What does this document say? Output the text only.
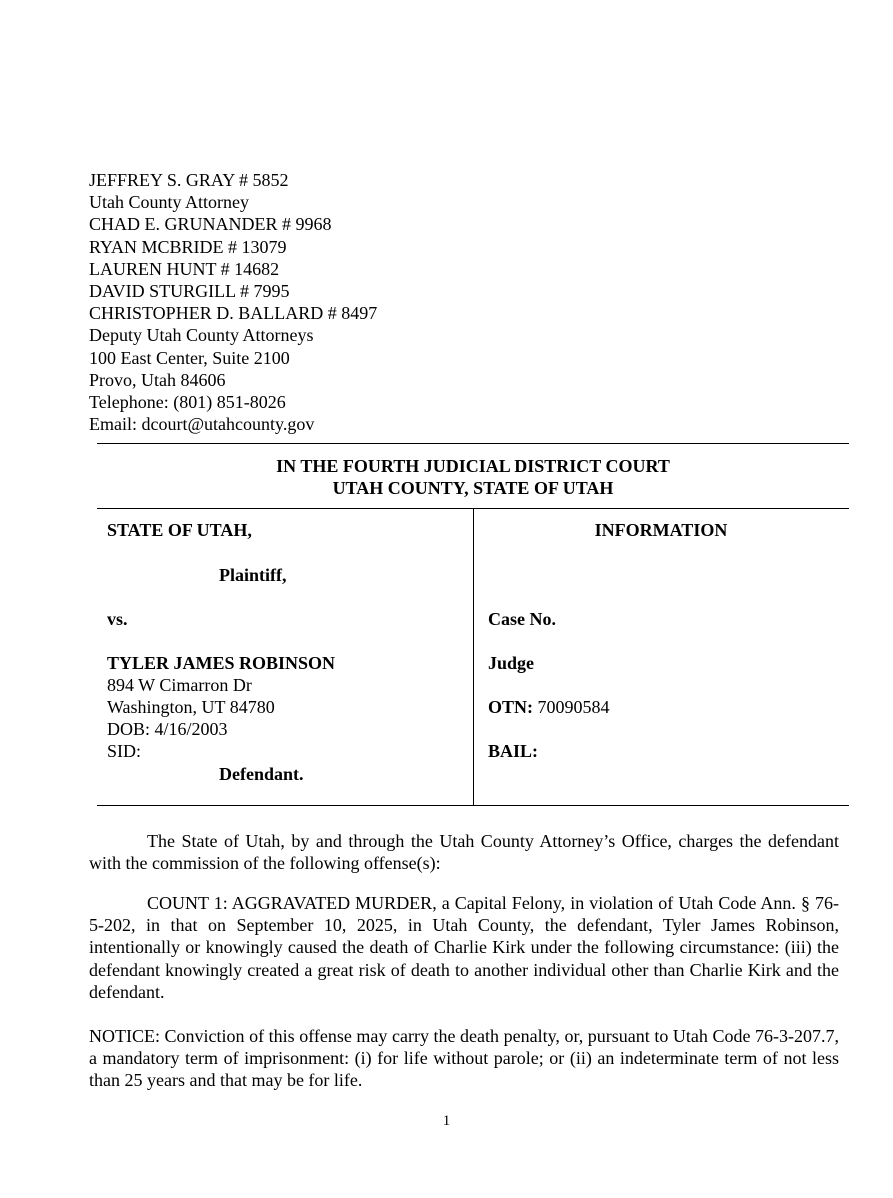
JEFFREY S. GRAY # 5852
Utah County Attorney
CHAD E. GRUNANDER # 9968
RYAN MCBRIDE # 13079
LAUREN HUNT # 14682
DAVID STURGILL # 7995
CHRISTOPHER D. BALLARD # 8497
Deputy Utah County Attorneys
100 East Center, Suite 2100
Provo, Utah 84606
Telephone: (801) 851-8026
Email: dcourt@utahcounty.gov
IN THE FOURTH JUDICIAL DISTRICT COURT
UTAH COUNTY, STATE OF UTAH
STATE OF UTAH,
Plaintiff,
vs.
TYLER JAMES ROBINSON
894 W Cimarron Dr
Washington, UT 84780
DOB: 4/16/2003
SID:
Defendant.
INFORMATION
Case No.
Judge
OTN: 70090584
BAIL:
The State of Utah, by and through the Utah County Attorney’s Office, charges the defendant with the commission of the following offense(s):
COUNT 1: AGGRAVATED MURDER, a Capital Felony, in violation of Utah Code Ann. § 76-5-202, in that on September 10, 2025, in Utah County, the defendant, Tyler James Robinson, intentionally or knowingly caused the death of Charlie Kirk under the following circumstance: (iii) the defendant knowingly created a great risk of death to another individual other than Charlie Kirk and the defendant.
NOTICE: Conviction of this offense may carry the death penalty, or, pursuant to Utah Code 76-3-207.7, a mandatory term of imprisonment: (i) for life without parole; or (ii) an indeterminate term of not less than 25 years and that may be for life.
1
